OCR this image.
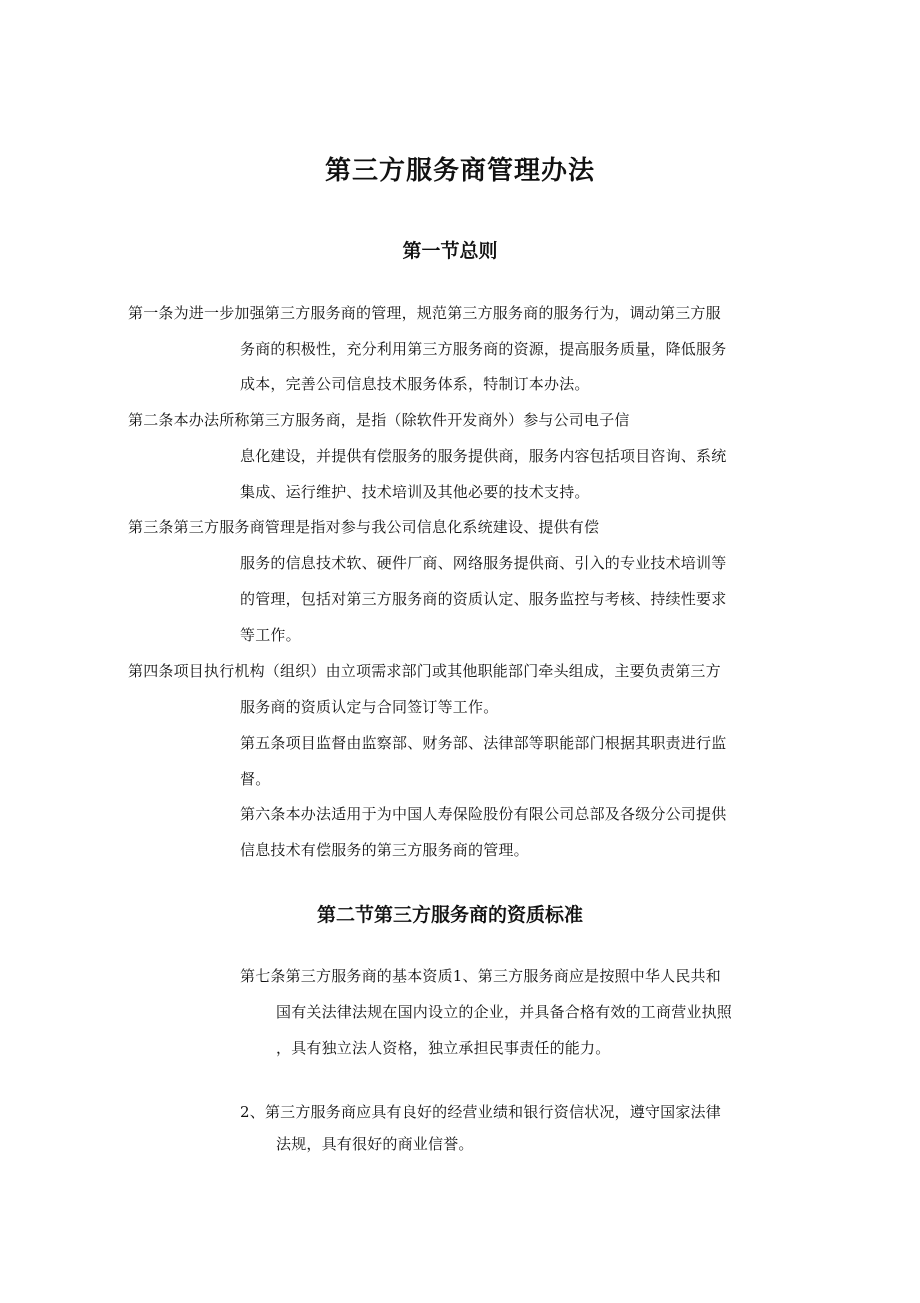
第三方服务商管理办法
第一节总则
第一条为进一步加强第三方服务商的管理，规范第三方服务商的服务行为，调动第三方服
务商的积极性，充分利用第三方服务商的资源，提高服务质量，降低服务
成本，完善公司信息技术服务体系，特制订本办法。
第二条本办法所称第三方服务商，是指（除软件开发商外）参与公司电子信
息化建设，并提供有偿服务的服务提供商，服务内容包括项目咨询、系统
集成、运行维护、技术培训及其他必要的技术支持。
第三条第三方服务商管理是指对参与我公司信息化系统建设、提供有偿
服务的信息技术软、硬件厂商、网络服务提供商、引入的专业技术培训等
的管理，包括对第三方服务商的资质认定、服务监控与考核、持续性要求
等工作。
第四条项目执行机构（组织）由立项需求部门或其他职能部门牵头组成，主要负责第三方
服务商的资质认定与合同签订等工作。
第五条项目监督由监察部、财务部、法律部等职能部门根据其职责进行监
督。
第六条本办法适用于为中国人寿保险股份有限公司总部及各级分公司提供
信息技术有偿服务的第三方服务商的管理。
第二节第三方服务商的资质标准
第七条第三方服务商的基本资质1、第三方服务商应是按照中华人民共和
国有关法律法规在国内设立的企业，并具备合格有效的工商营业执照
，具有独立法人资格，独立承担民事责任的能力。
2、第三方服务商应具有良好的经营业绩和银行资信状况，遵守国家法律
法规，具有很好的商业信誉。
